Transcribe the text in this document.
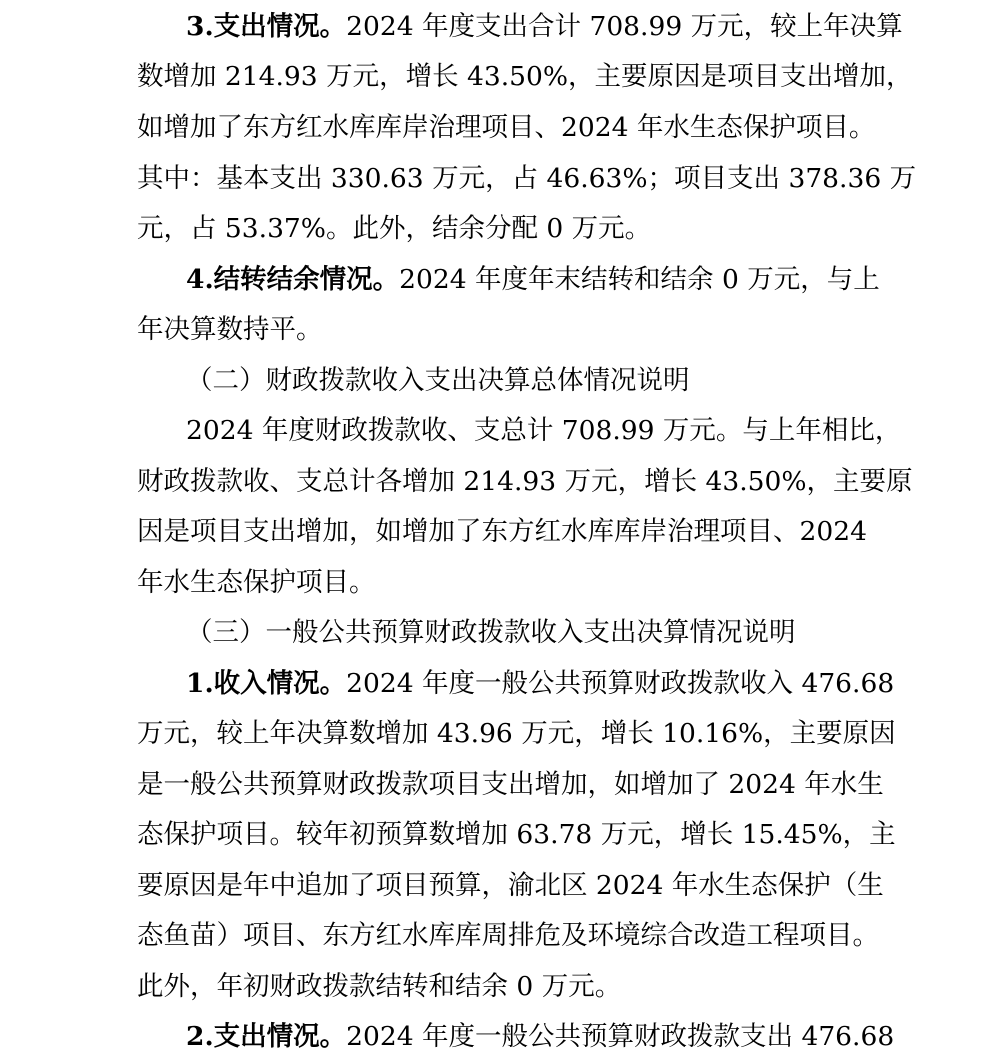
3.支出情况。2024 年度支出合计 708.99 万元，较上年决算
数增加 214.93 万元，增长 43.50%，主要原因是项目支出增加，
如增加了东方红水库库岸治理项目、2024 年水生态保护项目。
其中：基本支出 330.63 万元，占 46.63%；项目支出 378.36 万
元，占 53.37%。此外，结余分配 0 万元。
4.结转结余情况。2024 年度年末结转和结余 0 万元，与上
年决算数持平。
（二）财政拨款收入支出决算总体情况说明
2024 年度财政拨款收、支总计 708.99 万元。与上年相比，
财政拨款收、支总计各增加 214.93 万元，增长 43.50%，主要原
因是项目支出增加，如增加了东方红水库库岸治理项目、2024
年水生态保护项目。
（三）一般公共预算财政拨款收入支出决算情况说明
1.收入情况。2024 年度一般公共预算财政拨款收入 476.68
万元，较上年决算数增加 43.96 万元，增长 10.16%，主要原因
是一般公共预算财政拨款项目支出增加，如增加了 2024 年水生
态保护项目。较年初预算数增加 63.78 万元，增长 15.45%，主
要原因是年中追加了项目预算，渝北区 2024 年水生态保护（生
态鱼苗）项目、东方红水库库周排危及环境综合改造工程项目。
此外，年初财政拨款结转和结余 0 万元。
2.支出情况。2024 年度一般公共预算财政拨款支出 476.68
